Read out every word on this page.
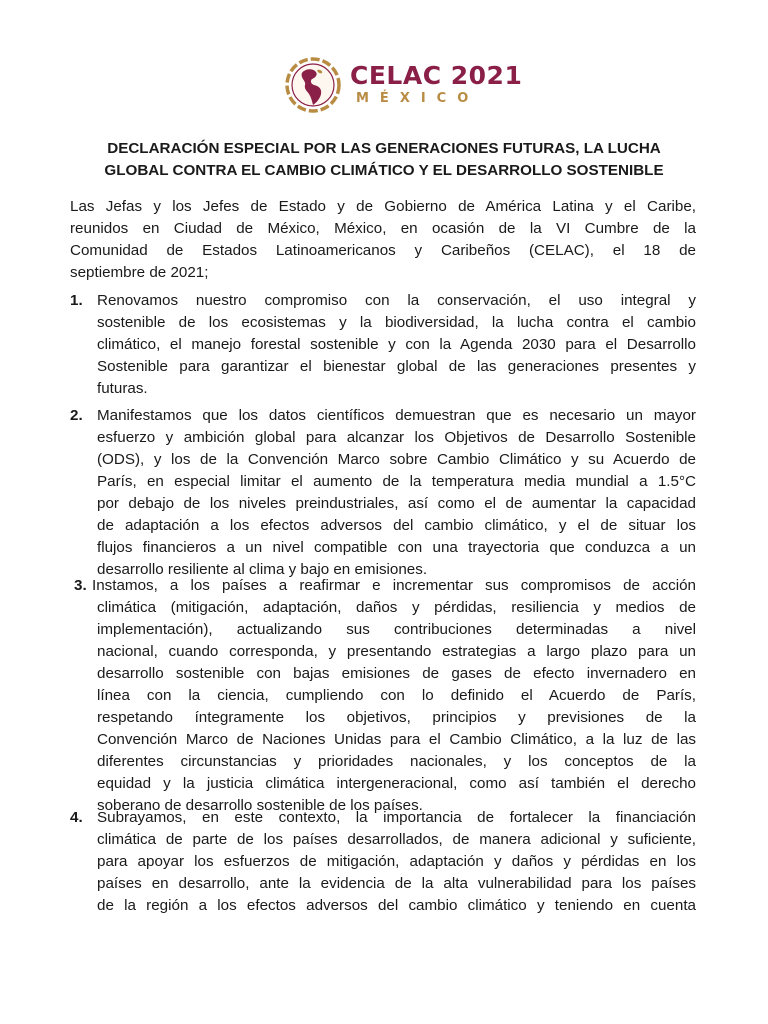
CELAC 2021
MÉXICO
DECLARACIÓN ESPECIAL POR LAS GENERACIONES FUTURAS, LA LUCHA
GLOBAL CONTRA EL CAMBIO CLIMÁTICO Y EL DESARROLLO SOSTENIBLE
Las Jefas y los Jefes de Estado y de Gobierno de América Latina y el Caribe,
reunidos en Ciudad de México, México, en ocasión de la VI Cumbre de la
Comunidad de Estados Latinoamericanos y Caribeños (CELAC), el 18 de
septiembre de 2021;
1. Renovamos nuestro compromiso con la conservación, el uso integral y
sostenible de los ecosistemas y la biodiversidad, la lucha contra el cambio
climático, el manejo forestal sostenible y con la Agenda 2030 para el Desarrollo
Sostenible para garantizar el bienestar global de las generaciones presentes y
futuras.
2. Manifestamos que los datos científicos demuestran que es necesario un mayor
esfuerzo y ambición global para alcanzar los Objetivos de Desarrollo Sostenible
(ODS), y los de la Convención Marco sobre Cambio Climático y su Acuerdo de
París, en especial limitar el aumento de la temperatura media mundial a 1.5°C
por debajo de los niveles preindustriales, así como el de aumentar la capacidad
de adaptación a los efectos adversos del cambio climático, y el de situar los
flujos financieros a un nivel compatible con una trayectoria que conduzca a un
desarrollo resiliente al clima y bajo en emisiones.
3. Instamos, a los países a reafirmar e incrementar sus compromisos de acción
climática (mitigación, adaptación, daños y pérdidas, resiliencia y medios de
implementación), actualizando sus contribuciones determinadas a nivel
nacional, cuando corresponda, y presentando estrategias a largo plazo para un
desarrollo sostenible con bajas emisiones de gases de efecto invernadero en
línea con la ciencia, cumpliendo con lo definido el Acuerdo de París,
respetando íntegramente los objetivos, principios y previsiones de la
Convención Marco de Naciones Unidas para el Cambio Climático, a la luz de las
diferentes circunstancias y prioridades nacionales, y los conceptos de la
equidad y la justicia climática intergeneracional, como así también el derecho
soberano de desarrollo sostenible de los países.
4. Subrayamos, en este contexto, la importancia de fortalecer la financiación
climática de parte de los países desarrollados, de manera adicional y suficiente,
para apoyar los esfuerzos de mitigación, adaptación y daños y pérdidas en los
países en desarrollo, ante la evidencia de la alta vulnerabilidad para los países
de la región a los efectos adversos del cambio climático y teniendo en cuenta
